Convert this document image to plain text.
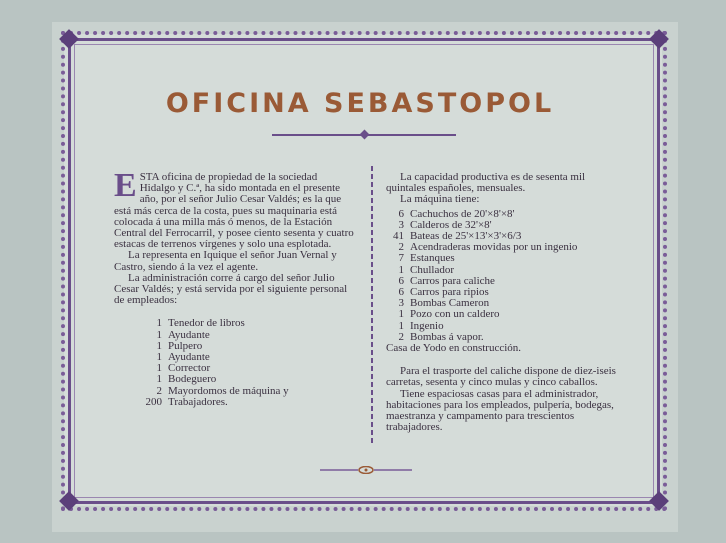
OFICINA SEBASTOPOL

ESTA oficina de propiedad de la sociedad Hidalgo y C.ª, ha sido montada en el presente año, por el señor Julio Cesar Valdés; es la que está más cerca de la costa, pues su maquinaria está colocada á una milla más ó menos, de la Estación Central del Ferrocarril, y posee ciento sesenta y cuatro estacas de terrenos vírgenes y solo una esplotada.

La representa en Iquique el señor Juan Vernal y Castro, siendo á la vez el agente.

La administración corre á cargo del señor Julio Cesar Valdés; y está servida por el siguiente personal de empleados:

1 Tenedor de libros
1 Ayudante
1 Pulpero
1 Ayudante
1 Corrector
1 Bodeguero
2 Mayordomos de máquina y
200 Trabajadores.

La capacidad productiva es de sesenta mil quintales españoles, mensuales.

La máquina tiene:

6 Cachuchos de 20'×8'×8'
3 Calderos de 32'×8'
41 Bateas de 25'×13'×3'×6/3
2 Acendraderas movidas por un ingenio
7 Estanques
1 Chullador
6 Carros para caliche
6 Carros para ripios
3 Bombas Cameron
1 Pozo con un caldero
1 Ingenio
2 Bombas á vapor.

Casa de Yodo en construcción.

Para el trasporte del caliche dispone de diez-iseis carretas, sesenta y cinco mulas y cinco caballos.

Tiene espaciosas casas para el administrador, habitaciones para los empleados, pulpería, bodegas, maestranza y campamento para trescientos trabajadores.
